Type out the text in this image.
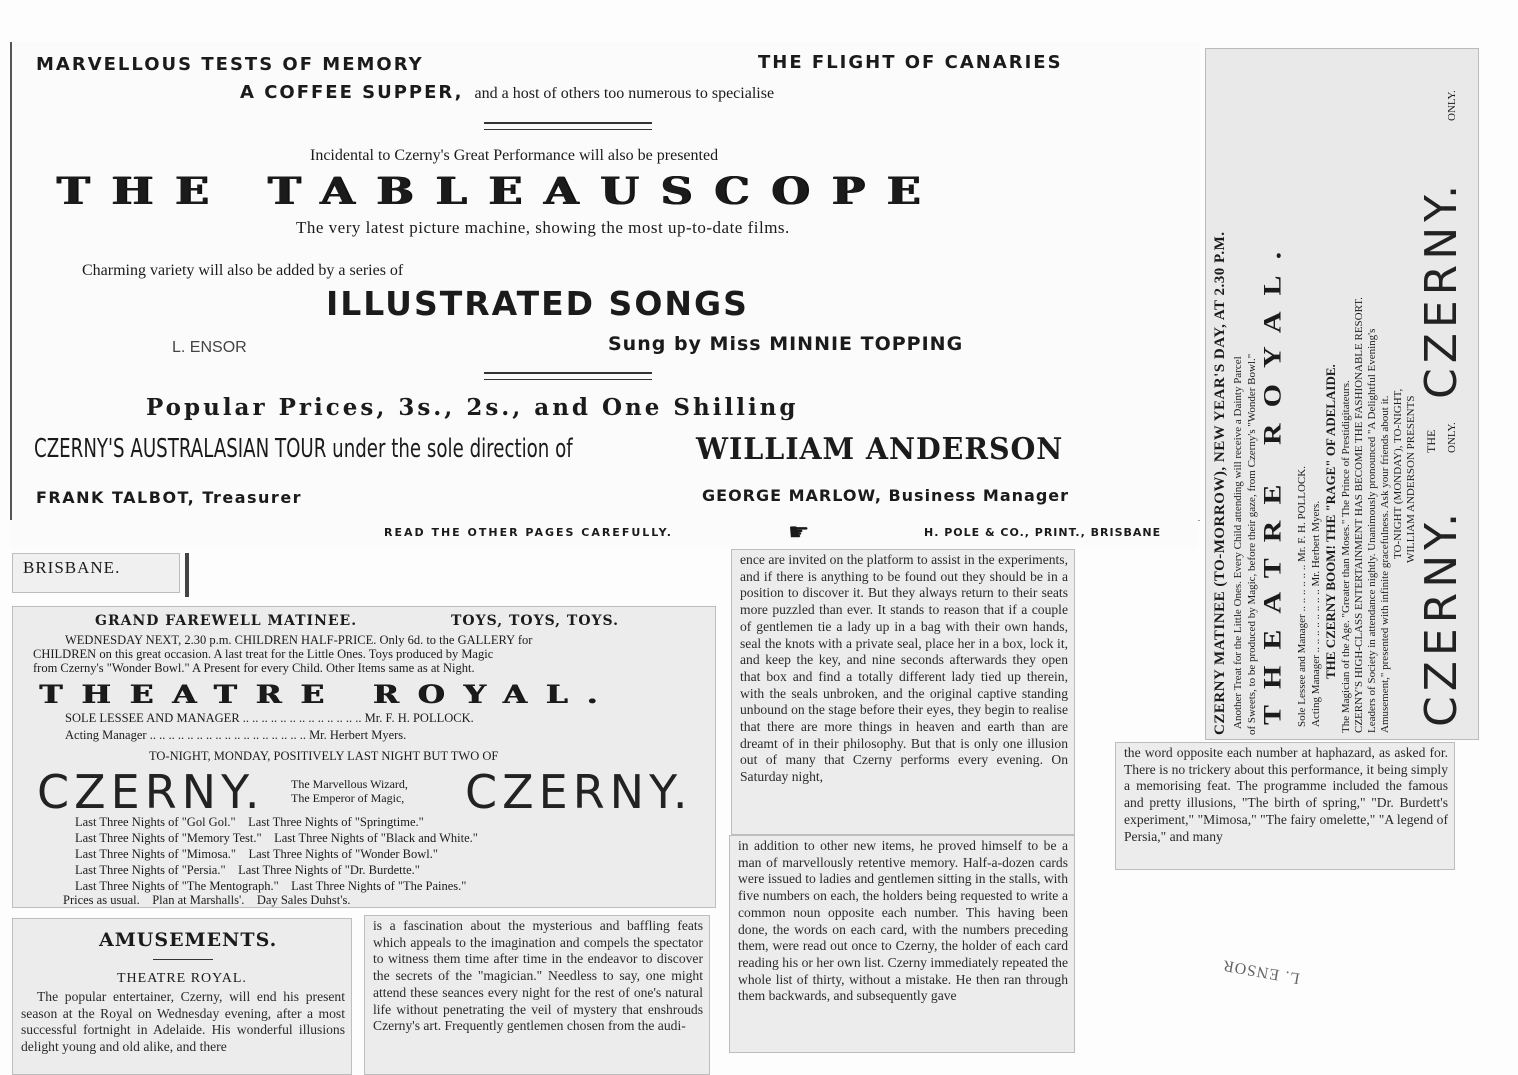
MARVELLOUS TESTS OF MEMORY	THE FLIGHT OF CANARIES
A COFFEE SUPPER, and a host of others too numerous to specialise
Incidental to Czerny's Great Performance will also be presented
THE TABLEAUSCOPE
The very latest picture machine, showing the most up-to-date films.
Charming variety will also be added by a series of
ILLUSTRATED SONGS
L. ENSOR	Sung by Miss MINNIE TOPPING
Popular Prices, 3s., 2s., and One Shilling
CZERNY'S AUSTRALASIAN TOUR under the sole direction of	WILLIAM ANDERSON
FRANK TALBOT, Treasurer	GEORGE MARLOW, Business Manager
READ THE OTHER PAGES CAREFULLY.	☛	H. POLE & CO., PRINT., BRISBANE
BRISBANE.
GRAND FAREWELL MATINEE.	TOYS, TOYS, TOYS.
WEDNESDAY NEXT, 2.30 p.m. CHILDREN HALF-PRICE. Only 6d. to the GALLERY for
CHILDREN on this great occasion. A last treat for the Little Ones. Toys produced by Magic
from Czerny's "Wonder Bowl." A Present for every Child. Other Items same as at Night.
THEATRE ROYAL.
SOLE LESSEE AND MANAGER .. .. .. .. .. .. .. .. .. .. .. .. .. Mr. F. H. POLLOCK.
Acting Manager .. .. .. .. .. .. .. .. .. .. .. .. .. .. .. .. .. Mr. Herbert Myers.
TO-NIGHT, MONDAY, POSITIVELY LAST NIGHT BUT TWO OF
CZERNY. The Marvellous Wizard,
The Emperor of Magic, CZERNY.
Last Three Nights of "Gol Gol."    Last Three Nights of "Springtime."
Last Three Nights of "Memory Test."    Last Three Nights of "Black and White."
Last Three Nights of "Mimosa."    Last Three Nights of "Wonder Bowl."
Last Three Nights of "Persia."    Last Three Nights of "Dr. Burdette."
Last Three Nights of "The Mentograph."    Last Three Nights of "The Paines."
Prices as usual.    Plan at Marshalls'.    Day Sales Duhst's.
AMUSEMENTS.
THEATRE ROYAL.
The popular entertainer, Czerny, will end his present season at the Royal on Wednesday evening, after a most successful fortnight in Adelaide. His wonderful illusions delight young and old alike, and there
is a fascination about the mysterious and baffling feats which appeals to the imagination and compels the spectator to witness them time after time in the endeavor to discover the secrets of the "magician." Needless to say, one might attend these seances every night for the rest of one's natural life without penetrating the veil of mystery that enshrouds Czerny's art. Frequently gentlemen chosen from the audi-
ence are invited on the platform to assist in the experiments, and if there is anything to be found out they should be in a position to discover it. But they always return to their seats more puzzled than ever. It stands to reason that if a couple of gentlemen tie a lady up in a bag with their own hands, seal the knots with a private seal, place her in a box, lock it, and keep the key, and nine seconds afterwards they open that box and find a totally different lady tied up therein, with the seals unbroken, and the original captive standing unbound on the stage before their eyes, they begin to realise that there are more things in heaven and earth than are dreamt of in their philosophy. But that is only one illusion out of many that Czerny performs every evening. On Saturday night,
in addition to other new items, he proved himself to be a man of marvellously retentive memory. Half-a-dozen cards were issued to ladies and gentlemen sitting in the stalls, with five numbers on each, the holders being requested to write a common noun opposite each number. This having been done, the words on each card, with the numbers preceding them, were read out once to Czerny, the holder of each card reading his or her own list. Czerny immediately repeated the whole list of thirty, without a mistake. He then ran through them backwards, and subsequently gave
the word opposite each number at haphazard, as asked for. There is no trickery about this performance, it being simply a memorising feat. The programme included the famous and pretty illusions, "The birth of spring," "Dr. Burdett's experiment," "Mimosa," "The fairy omelette," "A legend of Persia," and many
CZERNY MATINEE (TO-MORROW), NEW YEAR'S DAY, AT 2.30 P.M. Another Treat for the Little Ones. Every Child attending will receive a Dainty Parcel of Sweets, to be produced by Magic, before their gaze, from Czerny's "Wonder Bowl." THEATRE ROYAL. Sole Lessee and Manager .. .. .. .. .. .. Mr. F. H. POLLOCK. Acting Manager .. .. .. .. .. .. .. .. Mr. Herbert Myers. THE CZERNY BOOM! THE "RAGE" OF ADELAIDE. The Magician of the Age. "Greater than Moses." The Prince of Prestidigitateurs. CZERNY'S HIGH-CLASS ENTERTAINMENT HAS BECOME THE FASHIONABLE RESORT. Leaders of Society in attendance nightly. Unanimously pronounced "A Delightful Evening's Amusement," presented with infinite gracefulness. Ask your friends about it. TO-NIGHT (MONDAY), TO-NIGHT, WILLIAM ANDERSON PRESENTS
CZERNY.
THE ONLY.
CZERNY.
ONLY.
L. ENSOR
